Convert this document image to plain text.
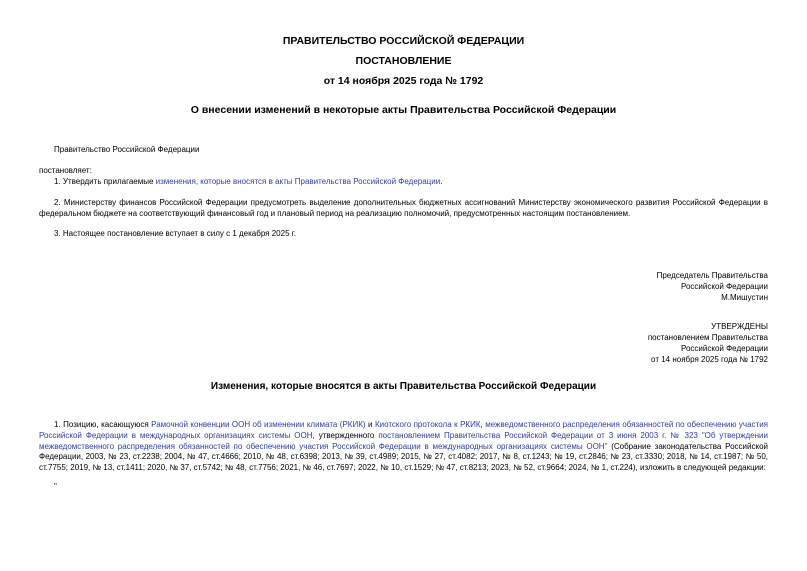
ПРАВИТЕЛЬСТВО РОССИЙСКОЙ ФЕДЕРАЦИИ
ПОСТАНОВЛЕНИЕ
от 14 ноября 2025 года № 1792
О внесении изменений в некоторые акты Правительства Российской Федерации
Правительство Российской Федерации
постановляет:
1. Утвердить прилагаемые изменения, которые вносятся в акты Правительства Российской Федерации.
2. Министерству финансов Российской Федерации предусмотреть выделение дополнительных бюджетных ассигнований Министерству экономического развития Российской Федерации в федеральном бюджете на соответствующий финансовый год и плановый период на реализацию полномочий, предусмотренных настоящим постановлением.
3. Настоящее постановление вступает в силу с 1 декабря 2025 г.
Председатель Правительства
Российской Федерации
М.Мишустин
УТВЕРЖДЕНЫ
постановлением Правительства
Российской Федерации
от 14 ноября 2025 года № 1792
Изменения, которые вносятся в акты Правительства Российской Федерации
1. Позицию, касающуюся Рамочной конвенции ООН об изменении климата (РКИК) и Киотского протокола к РКИК, межведомственного распределения обязанностей по обеспечению участия Российской Федерации в международных организациях системы ООН, утвержденного постановлением Правительства Российской Федерации от 3 июня 2003 г. № 323 "Об утверждении межведомственного распределения обязанностей по обеспечению участия Российской Федерации в международных организациях системы ООН" (Собрание законодательства Российской Федерации, 2003, № 23, ст.2238; 2004, № 47, ст.4666; 2010, № 48, ст.6398; 2013, № 39, ст.4989; 2015, № 27, ст.4082; 2017, № 8, ст.1243; № 19, ст.2846; № 23, ст.3330; 2018, № 14, ст.1987; № 50, ст.7755; 2019, № 13, ст.1411; 2020, № 37, ст.5742; № 48, ст.7756; 2021, № 46, ст.7697; 2022, № 10, ст.1529; № 47, ст.8213; 2023, № 52, ст.9664; 2024, № 1, ст.224), изложить в следующей редакции:
"
